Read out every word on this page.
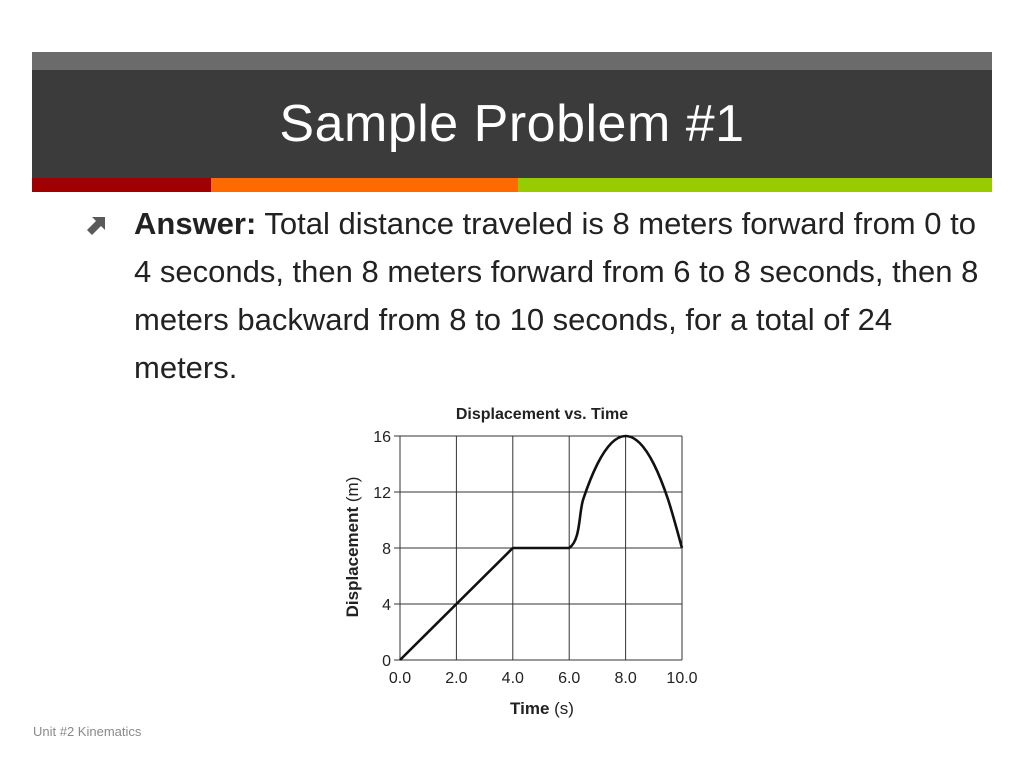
Sample Problem #1
Answer: Total distance traveled is 8 meters forward from 0 to 4 seconds, then 8 meters forward from 6 to 8 seconds, then 8 meters backward from 8 to 10 seconds, for a total of 24 meters.
Displacement vs. Time
0.0 2.0 4.0 6.0 8.0 10.0
0
4
8
12
16
Time (s)
Displacement (m)
Unit #2 Kinematics
